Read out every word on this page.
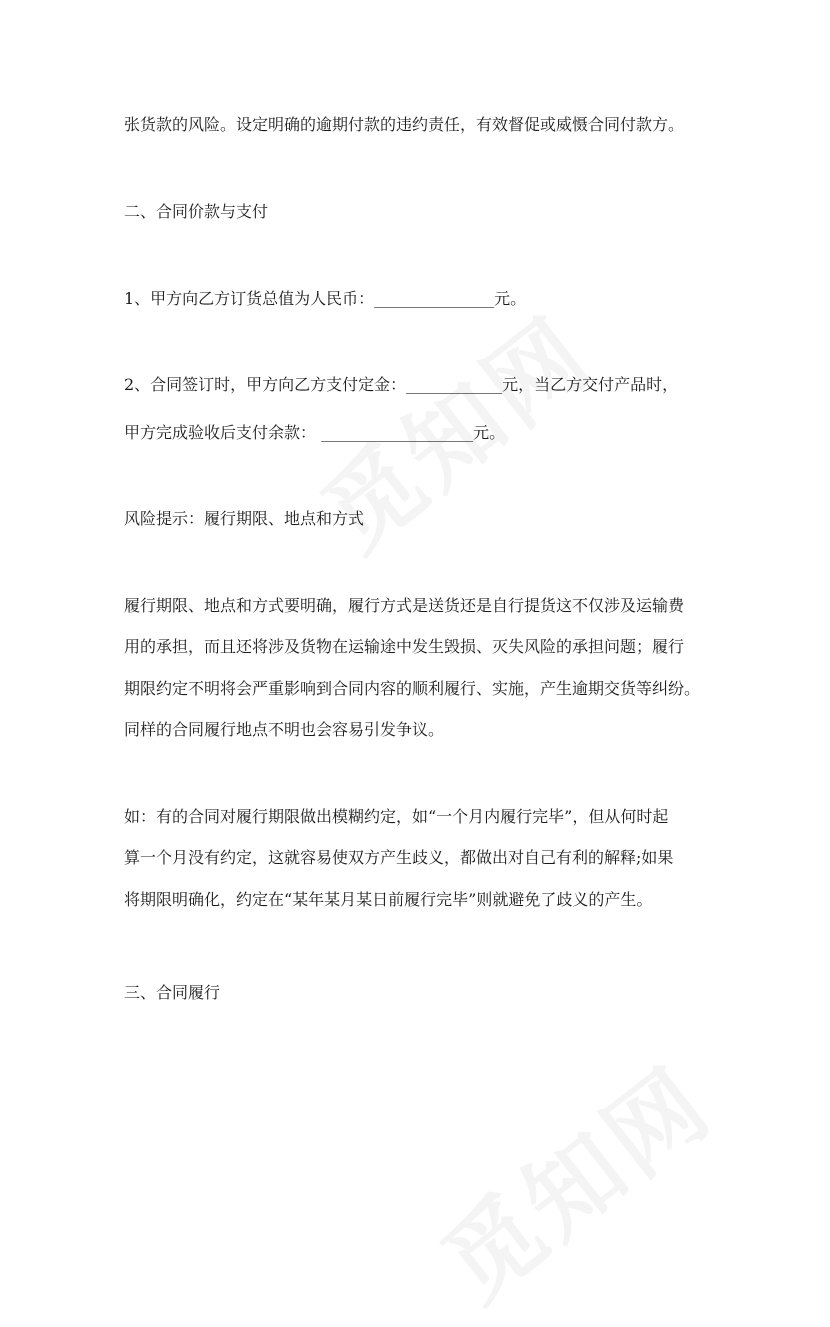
张货款的风险。设定明确的逾期付款的违约责任，有效督促或威慑合同付款方。
二、合同价款与支付
1、甲方向乙方订货总值为人民币：_______________元。
2、合同签订时，甲方向乙方支付定金：____________元，当乙方交付产品时，
甲方完成验收后支付余款： ___________________元。
风险提示：履行期限、地点和方式
履行期限、地点和方式要明确，履行方式是送货还是自行提货这不仅涉及运输费
用的承担，而且还将涉及货物在运输途中发生毁损、灭失风险的承担问题；履行
期限约定不明将会严重影响到合同内容的顺利履行、实施，产生逾期交货等纠纷。
同样的合同履行地点不明也会容易引发争议。
如：有的合同对履行期限做出模糊约定，如“一个月内履行完毕”，但从何时起
算一个月没有约定，这就容易使双方产生歧义，都做出对自己有利的解释;如果
将期限明确化，约定在“某年某月某日前履行完毕”则就避免了歧义的产生。
三、合同履行
